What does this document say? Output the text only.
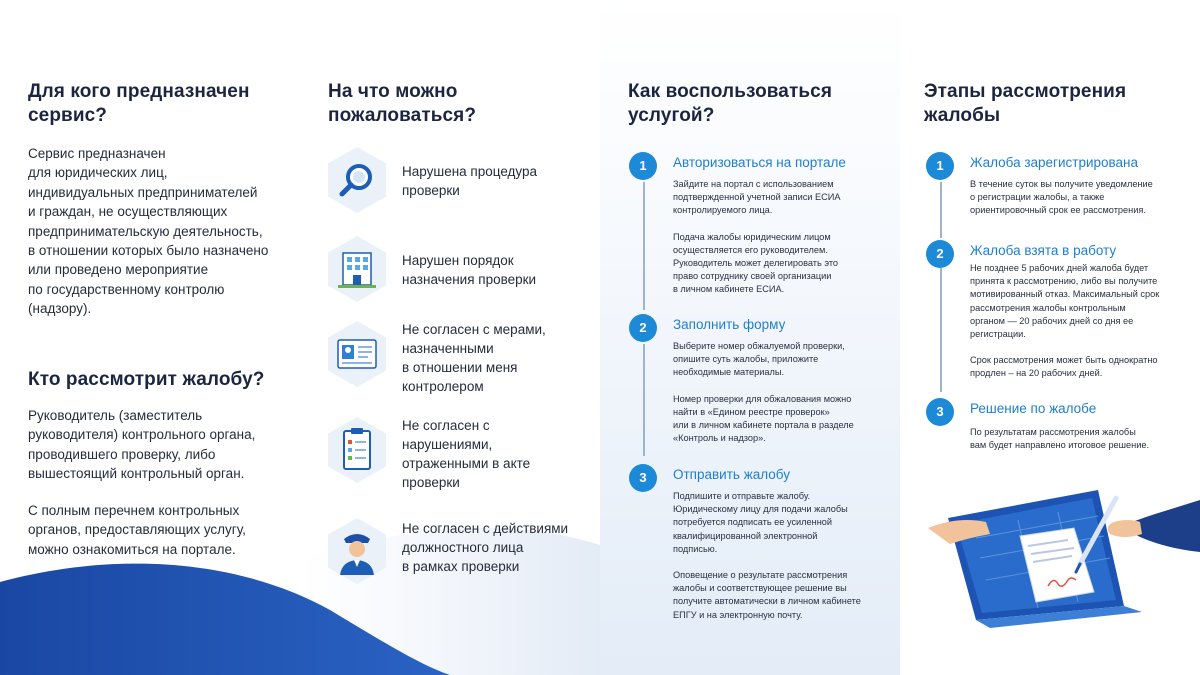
Для кого предназначен
сервис?
Сервис предназначен
для юридических лиц,
индивидуальных предпринимателей
и граждан, не осуществляющих
предпринимательскую деятельность,
в отношении которых было назначено
или проведено мероприятие
по государственному контролю
(надзору).
Кто рассмотрит жалобу?
Руководитель (заместитель
руководителя) контрольного органа,
проводившего проверку, либо
вышестоящий контрольный орган.
С полным перечнем контрольных
органов, предоставляющих услугу,
можно ознакомиться на портале.
На что можно
пожаловаться?
Нарушена процедура
проверки
Нарушен порядок
назначения проверки
Не согласен с мерами,
назначенными
в отношении меня
контролером
Не согласен с
нарушениями,
отраженными в акте
проверки
Не согласен с действиями
должностного лица
в рамках проверки
Как воспользоваться
услугой?
1	Авторизоваться на портале
Зайдите на портал с использованием
подтвержденной учетной записи ЕСИА
контролируемого лица.
Подача жалобы юридическим лицом
осуществляется его руководителем.
Руководитель может делегировать это
право сотруднику своей организации
в личном кабинете ЕСИА.
2	Заполнить форму
Выберите номер обжалуемой проверки,
опишите суть жалобы, приложите
необходимые материалы.
Номер проверки для обжалования можно
найти в «Едином реестре проверок»
или в личном кабинете портала в разделе
«Контроль и надзор».
3	Отправить жалобу
Подпишите и отправьте жалобу.
Юридическому лицу для подачи жалобы
потребуется подписать ее усиленной
квалифицированной электронной
подписью.
Оповещение о результате рассмотрения
жалобы и соответствующее решение вы
получите автоматически в личном кабинете
ЕПГУ и на электронную почту.
Этапы рассмотрения
жалобы
1	Жалоба зарегистрирована
В течение суток вы получите уведомление
о регистрации жалобы, а также
ориентировочный срок ее рассмотрения.
2	Жалоба взята в работу
Не позднее 5 рабочих дней жалоба будет
принята к рассмотрению, либо вы получите
мотивированный отказ. Максимальный срок
рассмотрения жалобы контрольным
органом — 20 рабочих дней со дня ее
регистрации.
Срок рассмотрения может быть однократно
продлен – на 20 рабочих дней.
3	Решение по жалобе
По результатам рассмотрения жалобы
вам будет направлено итоговое решение.
